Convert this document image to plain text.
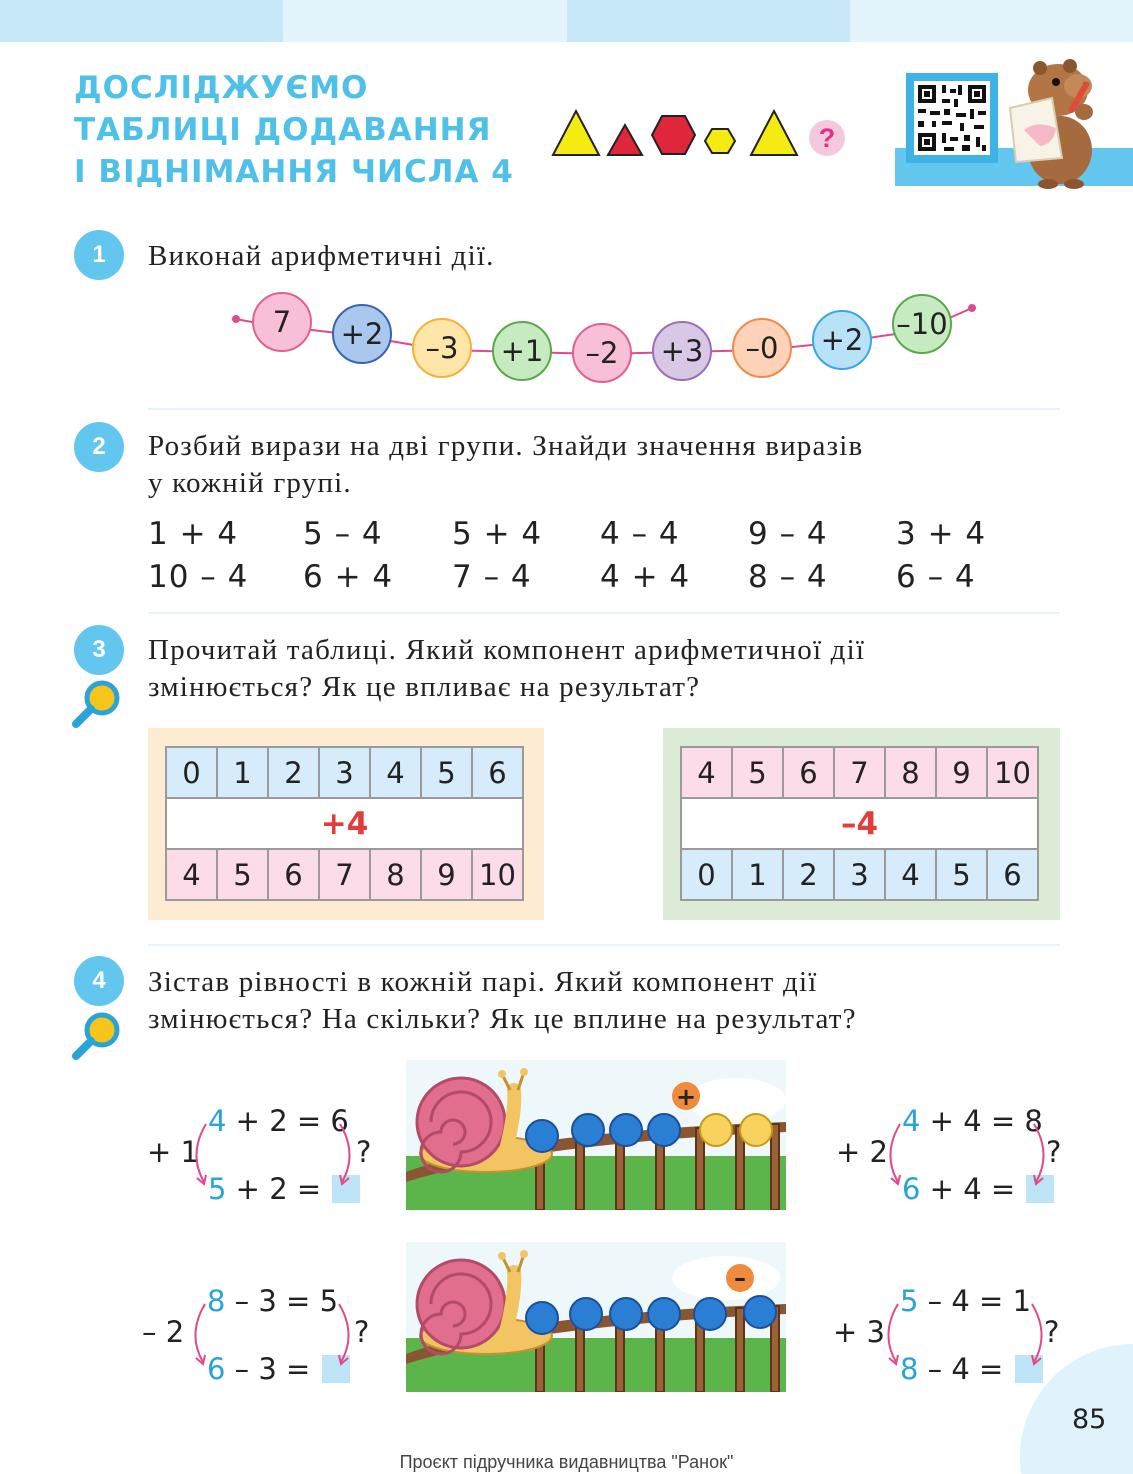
ДОСЛІДЖУЄМО
ТАБЛИЦІ ДОДАВАННЯ
І ВІДНІМАННЯ ЧИСЛА 4
?
1	Виконай арифметичні дії.
7	+2	–3	+1	–2	+3	–0	+2 –10
2	Розбий вирази на дві групи. Знайди значення виразів
у кожній групі.
1 + 4 5 – 4 5 + 4 4 – 4 9 – 4 3 + 4
10 – 4 6 + 4 7 – 4 4 + 4 8 – 4 6 – 4
3	Прочитай таблиці. Який компонент арифметичної дії
змінюється? Як це впливає на результат?
0	1	2	3	4	5	6
+4						
4	5	6	7	8	9	10
4	5	6	7	8	9	10
–4						
0	1	2	3	4	5	6
4	Зістав рівності в кожній парі. Який компонент дії
змінюється? На скільки? Як це вплине на результат?
+ 1
4 + 2 = 6
5 + 2 =
?	+ 2
4 + 4 = 8
6 + 4 =
?
– 2
8 – 3 = 5
6 – 3 =
?	+ 3
5 – 4 = 1
8 – 4 =
?
+
–
85
Проєкт підручника видавництва "Ранок"
